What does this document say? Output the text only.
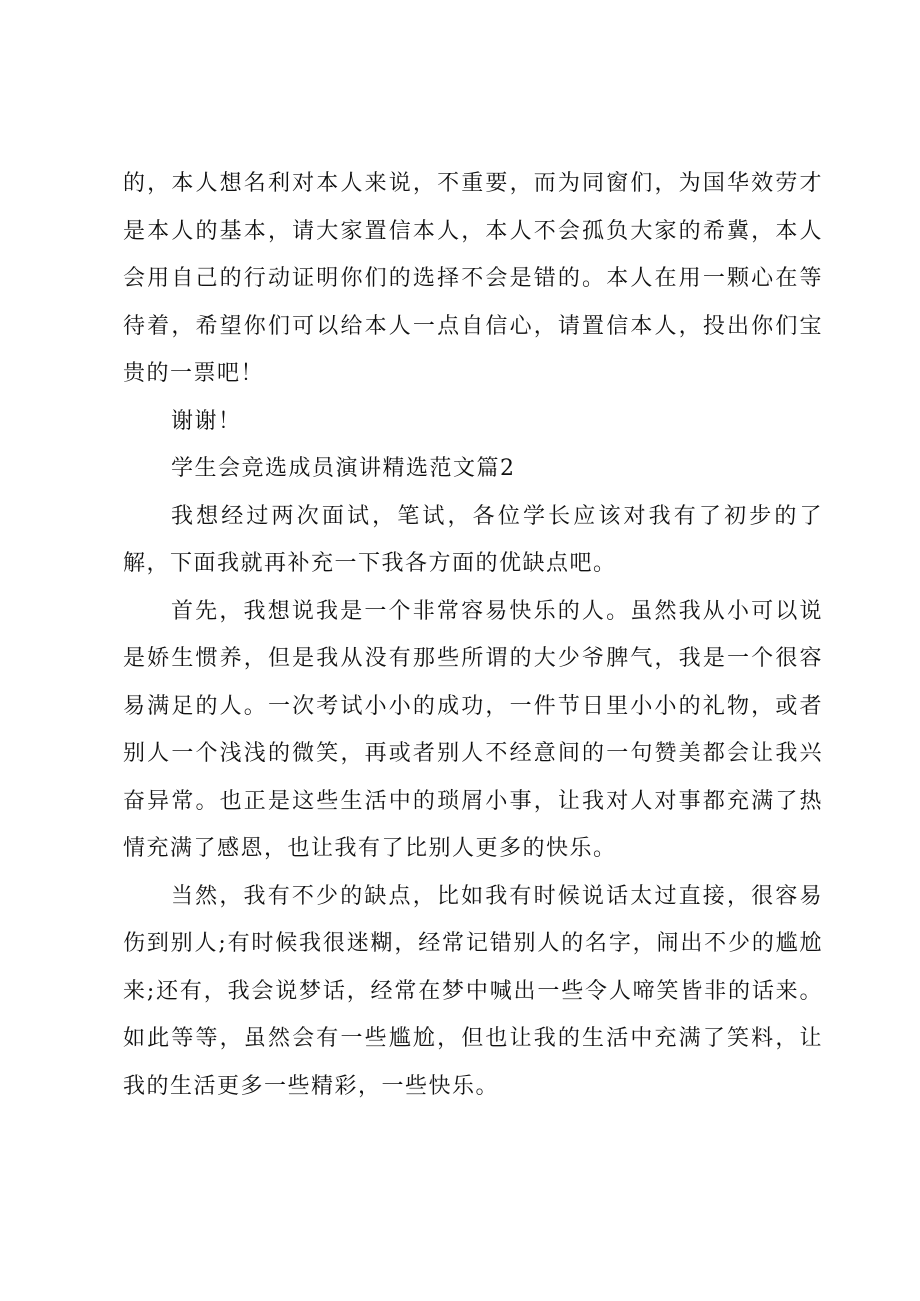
的，本人想名利对本人来说，不重要，而为同窗们，为国华效劳才是本人的基本，请大家置信本人，本人不会孤负大家的希冀，本人会用自己的行动证明你们的选择不会是错的。本人在用一颗心在等待着，希望你们可以给本人一点自信心，请置信本人，投出你们宝贵的一票吧！

谢谢！

学生会竞选成员演讲精选范文篇2

我想经过两次面试，笔试，各位学长应该对我有了初步的了解，下面我就再补充一下我各方面的优缺点吧。

首先，我想说我是一个非常容易快乐的人。虽然我从小可以说是娇生惯养，但是我从没有那些所谓的大少爷脾气，我是一个很容易满足的人。一次考试小小的成功，一件节日里小小的礼物，或者别人一个浅浅的微笑，再或者别人不经意间的一句赞美都会让我兴奋异常。也正是这些生活中的琐屑小事，让我对人对事都充满了热情充满了感恩，也让我有了比别人更多的快乐。

当然，我有不少的缺点，比如我有时候说话太过直接，很容易伤到别人;有时候我很迷糊，经常记错别人的名字，闹出不少的尴尬来;还有，我会说梦话，经常在梦中喊出一些令人啼笑皆非的话来。如此等等，虽然会有一些尴尬，但也让我的生活中充满了笑料，让我的生活更多一些精彩，一些快乐。
